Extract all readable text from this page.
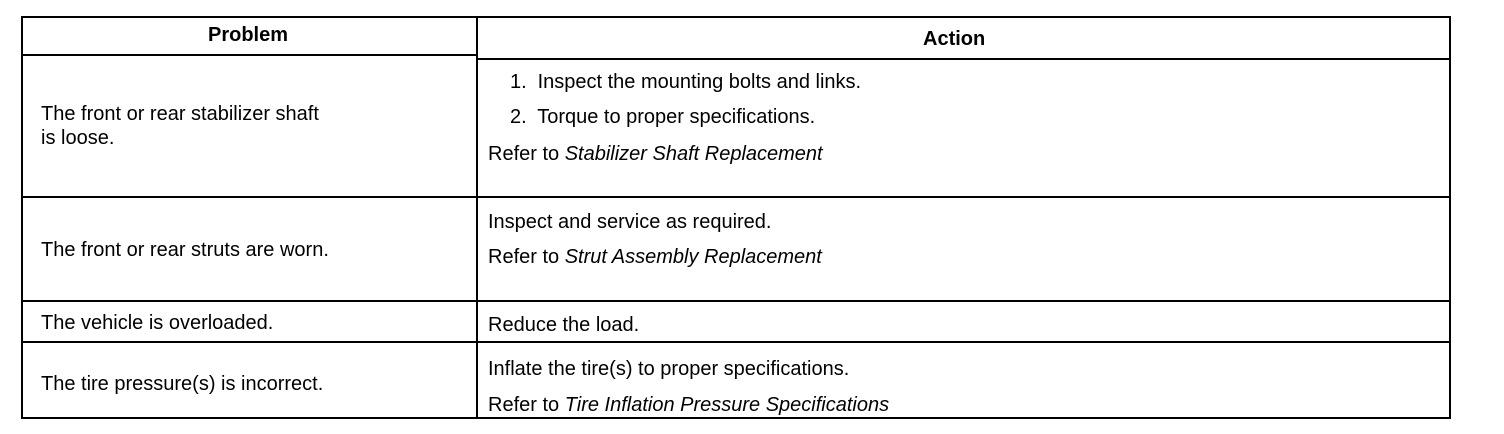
Problem	Action
The front or rear stabilizer shaft
is loose.
1. Inspect the mounting bolts and links.
2. Torque to proper specifications.
Refer to Stabilizer Shaft Replacement
The front or rear struts are worn.
Inspect and service as required.
Refer to Strut Assembly Replacement
The vehicle is overloaded.	Reduce the load.
The tire pressure(s) is incorrect.
Inflate the tire(s) to proper specifications.
Refer to Tire Inflation Pressure Specifications
